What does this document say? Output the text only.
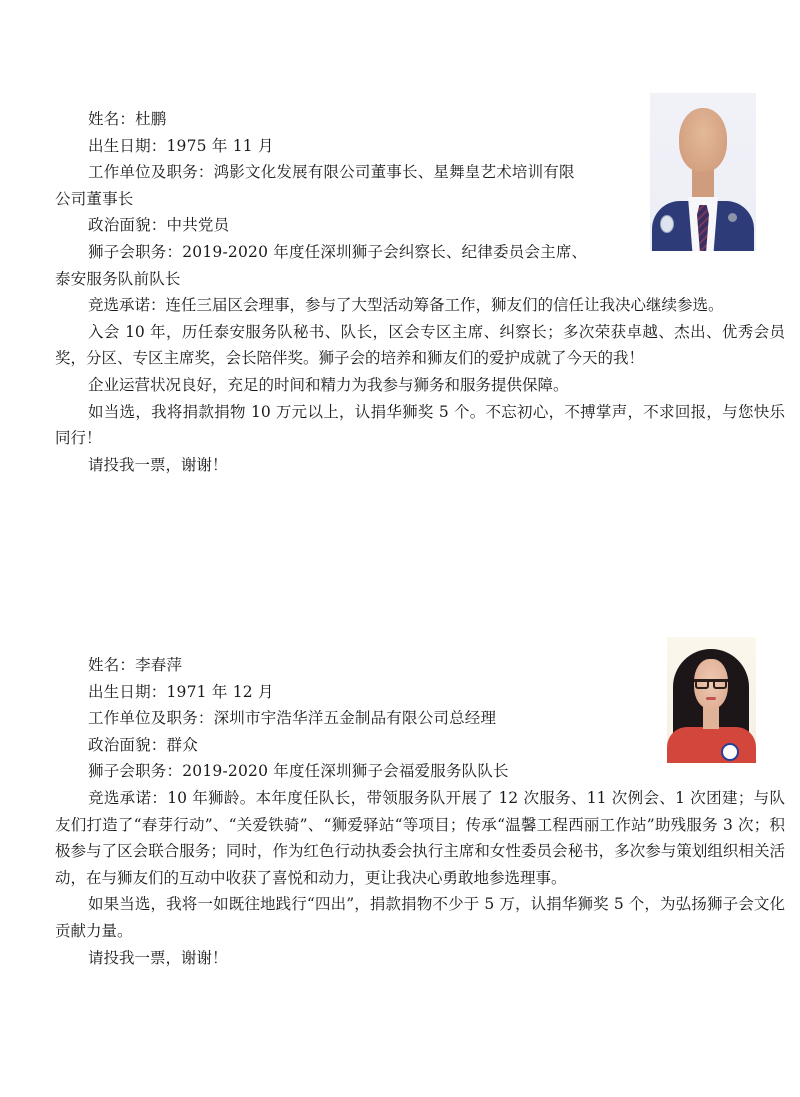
姓名：杜鹏
出生日期：1975 年 11 月
工作单位及职务：鸿影文化发展有限公司董事长、星舞皇艺术培训有限
公司董事长
政治面貌：中共党员
狮子会职务：2019-2020 年度任深圳狮子会纠察长、纪律委员会主席、
泰安服务队前队长

竞选承诺：连任三届区会理事，参与了大型活动筹备工作，狮友们的信任让我决心继续参选。

入会 10 年，历任泰安服务队秘书、队长，区会专区主席、纠察长；多次荣获卓越、杰出、优秀会员奖，分区、专区主席奖，会长陪伴奖。狮子会的培养和狮友们的爱护成就了今天的我！

企业运营状况良好，充足的时间和精力为我参与狮务和服务提供保障。

如当选，我将捐款捐物 10 万元以上，认捐华狮奖 5 个。不忘初心，不搏掌声，不求回报，与您快乐同行！

请投我一票，谢谢！

姓名：李春萍
出生日期：1971 年 12 月
工作单位及职务：深圳市宇浩华洋五金制品有限公司总经理
政治面貌：群众
狮子会职务：2019-2020 年度任深圳狮子会福爱服务队队长

竞选承诺：10 年狮龄。本年度任队长，带领服务队开展了 12 次服务、11 次例会、1 次团建；与队友们打造了“春芽行动”、“关爱铁骑”、“狮爱驿站“等项目；传承“温馨工程西丽工作站”助残服务 3 次；积极参与了区会联合服务；同时，作为红色行动执委会执行主席和女性委员会秘书，多次参与策划组织相关活动，在与狮友们的互动中收获了喜悦和动力，更让我决心勇敢地参选理事。

如果当选，我将一如既往地践行“四出”，捐款捐物不少于 5 万，认捐华狮奖 5 个，为弘扬狮子会文化贡献力量。

请投我一票，谢谢！
